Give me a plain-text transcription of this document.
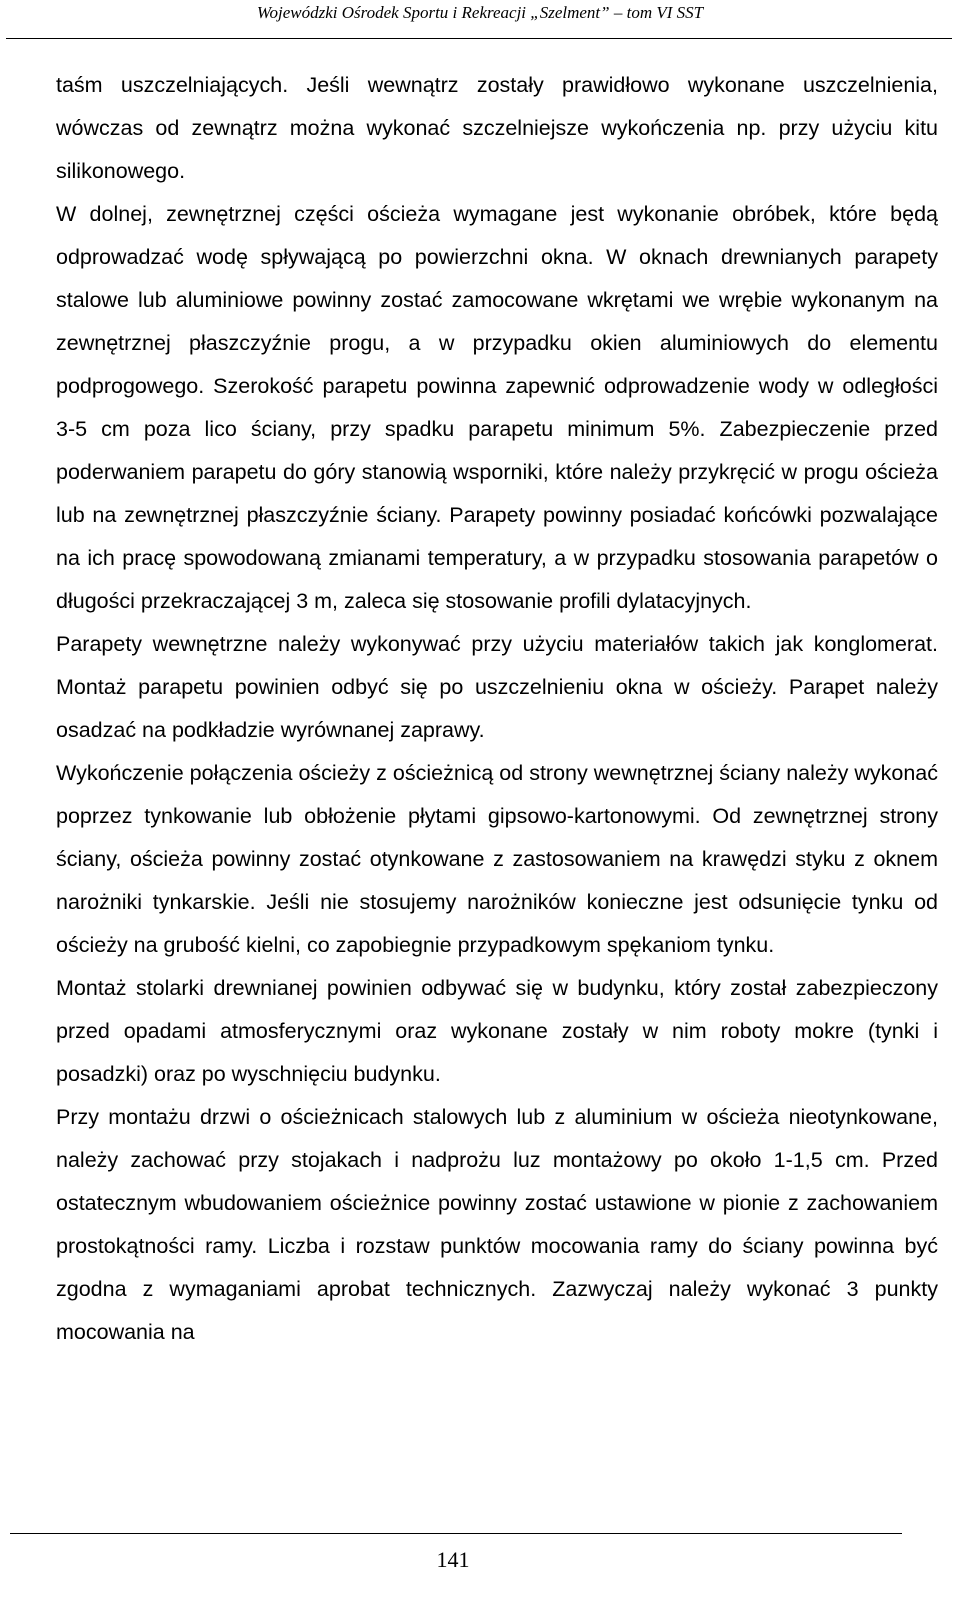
Wojewódzki Ośrodek Sportu i Rekreacji „Szelment” – tom VI SST

taśm uszczelniających. Jeśli wewnątrz zostały prawidłowo wykonane uszczelnienia, wówczas od zewnątrz można wykonać szczelniejsze wykończenia np. przy użyciu kitu silikonowego.

W dolnej, zewnętrznej części ościeża wymagane jest wykonanie obróbek, które będą odprowadzać wodę spływającą po powierzchni okna. W oknach drewnianych parapety stalowe lub aluminiowe powinny zostać zamocowane wkrętami we wrębie wykonanym na zewnętrznej płaszczyźnie progu, a w przypadku okien aluminiowych do elementu podprogowego. Szerokość parapetu powinna zapewnić odprowadzenie wody w odległości 3-5 cm poza lico ściany, przy spadku parapetu minimum 5%. Zabezpieczenie przed poderwaniem parapetu do góry stanowią wsporniki, które należy przykręcić w progu ościeża lub na zewnętrznej płaszczyźnie ściany. Parapety powinny posiadać końcówki pozwalające na ich pracę spowodowaną zmianami temperatury, a w przypadku stosowania parapetów o długości przekraczającej 3 m, zaleca się stosowanie profili dylatacyjnych.

Parapety wewnętrzne należy wykonywać przy użyciu materiałów takich jak konglomerat. Montaż parapetu powinien odbyć się po uszczelnieniu okna w ościeży. Parapet należy osadzać na podkładzie wyrównanej zaprawy.

Wykończenie połączenia ościeży z ościeżnicą od strony wewnętrznej ściany należy wykonać poprzez tynkowanie lub obłożenie płytami gipsowo-kartonowymi. Od zewnętrznej strony ściany, ościeża powinny zostać otynkowane z zastosowaniem na krawędzi styku z oknem narożniki tynkarskie. Jeśli nie stosujemy narożników konieczne jest odsunięcie tynku od ościeży na grubość kielni, co zapobiegnie przypadkowym spękaniom tynku.

Montaż stolarki drewnianej powinien odbywać się w budynku, który został zabezpieczony przed opadami atmosferycznymi oraz wykonane zostały w nim roboty mokre (tynki i posadzki) oraz po wyschnięciu budynku.

Przy montażu drzwi o ościeżnicach stalowych lub z aluminium w ościeża nieotynkowane, należy zachować przy stojakach i nadprożu luz montażowy po około 1-1,5 cm. Przed ostatecznym wbudowaniem ościeżnice powinny zostać ustawione w pionie z zachowaniem prostokątności ramy. Liczba i rozstaw punktów mocowania ramy do ściany powinna być zgodna z wymaganiami aprobat technicznych. Zazwyczaj należy wykonać 3 punkty mocowania na

141
